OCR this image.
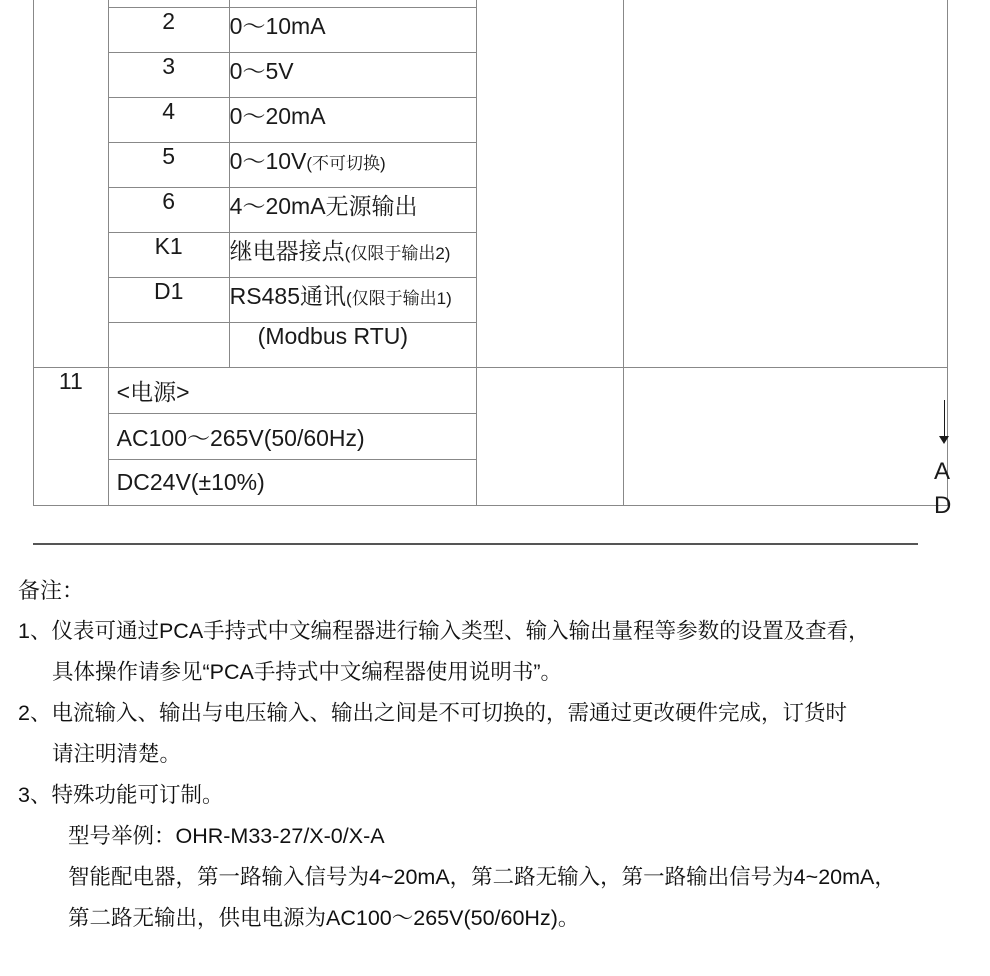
2	0～10mA
3	0～5V
4	0～20mA
5	0～10V(不可切换)
6	4～20mA无源输出
K1	继电器接点(仅限于输出2)
D1	RS485通讯(仅限于输出1)
	(Modbus RTU)

11	<电源>
AC100～265V(50/60Hz)
DC24V(±10%)
			A
D
备注：
1、仪表可通过PCA手持式中文编程器进行输入类型、输入输出量程等参数的设置及查看，
具体操作请参见“PCA手持式中文编程器使用说明书”。
2、电流输入、输出与电压输入、输出之间是不可切换的，需通过更改硬件完成，订货时
请注明清楚。
3、特殊功能可订制。
型号举例：OHR-M33-27/X-0/X-A
智能配电器，第一路输入信号为4~20mA，第二路无输入，第一路输出信号为4~20mA，
第二路无输出，供电电源为AC100～265V(50/60Hz)。
